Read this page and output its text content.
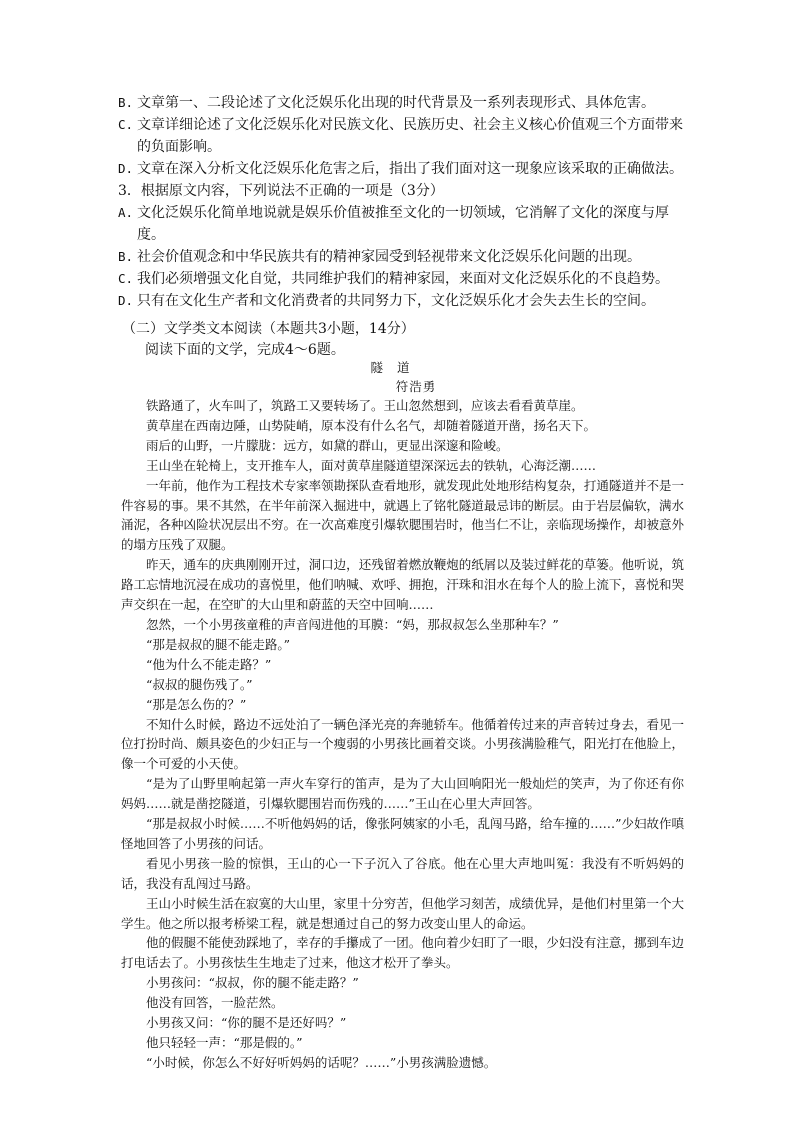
B. 文章第一、二段论述了文化泛娱乐化出现的时代背景及一系列表现形式、具体危害。

C. 文章详细论述了文化泛娱乐化对民族文化、民族历史、社会主义核心价值观三个方面带来的负面影响。

D. 文章在深入分析文化泛娱乐化危害之后，指出了我们面对这一现象应该采取的正确做法。

3．根据原文内容，下列说法不正确的一项是（3分）

A. 文化泛娱乐化简单地说就是娱乐价值被推至文化的一切领域，它消解了文化的深度与厚度。

B. 社会价值观念和中华民族共有的精神家园受到轻视带来文化泛娱乐化问题的出现。

C. 我们必须增强文化自觉，共同维护我们的精神家园，来面对文化泛娱乐化的不良趋势。

D. 只有在文化生产者和文化消费者的共同努力下，文化泛娱乐化才会失去生长的空间。

（二）文学类文本阅读（本题共3小题，14分）
阅读下面的文学，完成4～6题。
隧道
符浩勇

铁路通了，火车叫了，筑路工又要转场了。王山忽然想到，应该去看看黄草崖。

黄草崖在西南边陲，山势陡峭，原本没有什么名气，却随着隧道开凿，扬名天下。

雨后的山野，一片朦胧：远方，如黛的群山，更显出深邃和险峻。

王山坐在轮椅上，支开推车人，面对黄草崖隧道望深深远去的铁轨，心海泛潮……

一年前，他作为工程技术专家率领勘探队查看地形，就发现此处地形结构复杂，打通隧道并不是一件容易的事。果不其然，在半年前深入掘进中，就遇上了铭牝隧道最忌讳的断层。由于岩层偏软，满水涌泥，各种凶险状况层出不穷。在一次高难度引爆软腮围岩时，他当仁不让，亲临现场操作，却被意外的塌方压残了双腿。

昨天，通车的庆典刚刚开过，洞口边，还残留着燃放鞭炮的纸屑以及装过鲜花的草篓。他听说，筑路工忘情地沉浸在成功的喜悦里，他们呐喊、欢呼、拥抱，汗珠和泪水在每个人的脸上流下，喜悦和哭声交织在一起，在空旷的大山里和蔚蓝的天空中回响……

忽然，一个小男孩童稚的声音闯进他的耳膜：“妈，那叔叔怎么坐那种车？”

“那是叔叔的腿不能走路。”

“他为什么不能走路？”

“叔叔的腿伤残了。”

“那是怎么伤的？”

不知什么时候，路边不远处泊了一辆色泽光亮的奔驰轿车。他循着传过来的声音转过身去，看见一位打扮时尚、颇具姿色的少妇正与一个瘦弱的小男孩比画着交谈。小男孩满脸稚气，阳光打在他脸上，像一个可爱的小天使。

“是为了山野里响起第一声火车穿行的笛声，是为了大山回响阳光一般灿烂的笑声，为了你还有你妈妈……就是凿挖隧道，引爆软腮围岩而伤残的……”王山在心里大声回答。

“那是叔叔小时候……不听他妈妈的话，像张阿姨家的小毛，乱闯马路，给车撞的……”少妇故作嗔怪地回答了小男孩的问话。

看见小男孩一脸的惊惧，王山的心一下子沉入了谷底。他在心里大声地叫冤：我没有不听妈妈的话，我没有乱闯过马路。

王山小时候生活在寂寞的大山里，家里十分穷苦，但他学习刻苦，成绩优异，是他们村里第一个大学生。他之所以报考桥梁工程，就是想通过自己的努力改变山里人的命运。

他的假腿不能使劲踩地了，幸存的手攥成了一团。他向着少妇盯了一眼，少妇没有注意，挪到车边打电话去了。小男孩怯生生地走了过来，他这才松开了拳头。

小男孩问：“叔叔，你的腿不能走路？”

他没有回答，一脸茫然。

小男孩又问：“你的腿不是还好吗？”

他只轻轻一声：“那是假的。”

“小时候，你怎么不好好听妈妈的话呢？……”小男孩满脸遗憾。
